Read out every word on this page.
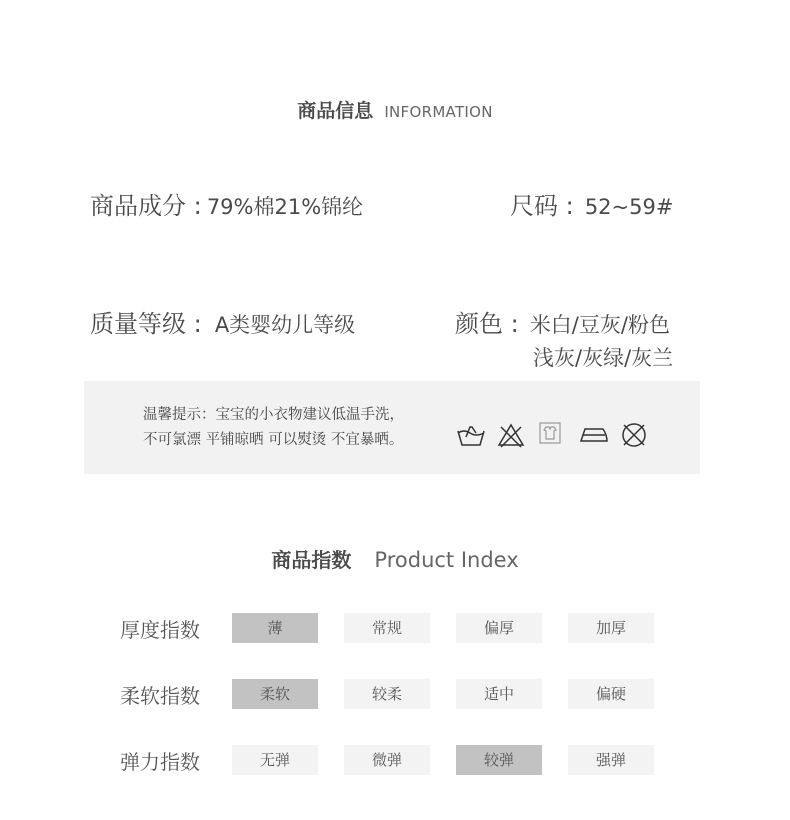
商品信息 INFORMATION
商品成分 : 79%棉21%锦纶	尺码 : 52~59#
质量等级 : A类婴幼儿等级	颜色 : 米白/豆灰/粉色
浅灰/灰绿/灰兰
温馨提示：宝宝的小衣物建议低温手洗，
不可氯漂 平铺晾晒 可以熨烫 不宜暴晒。
商品指数 Product Index
厚度指数	薄	常规	偏厚	加厚
柔软指数	柔软	较柔	适中	偏硬
弹力指数	无弹	微弹	较弹	强弹
